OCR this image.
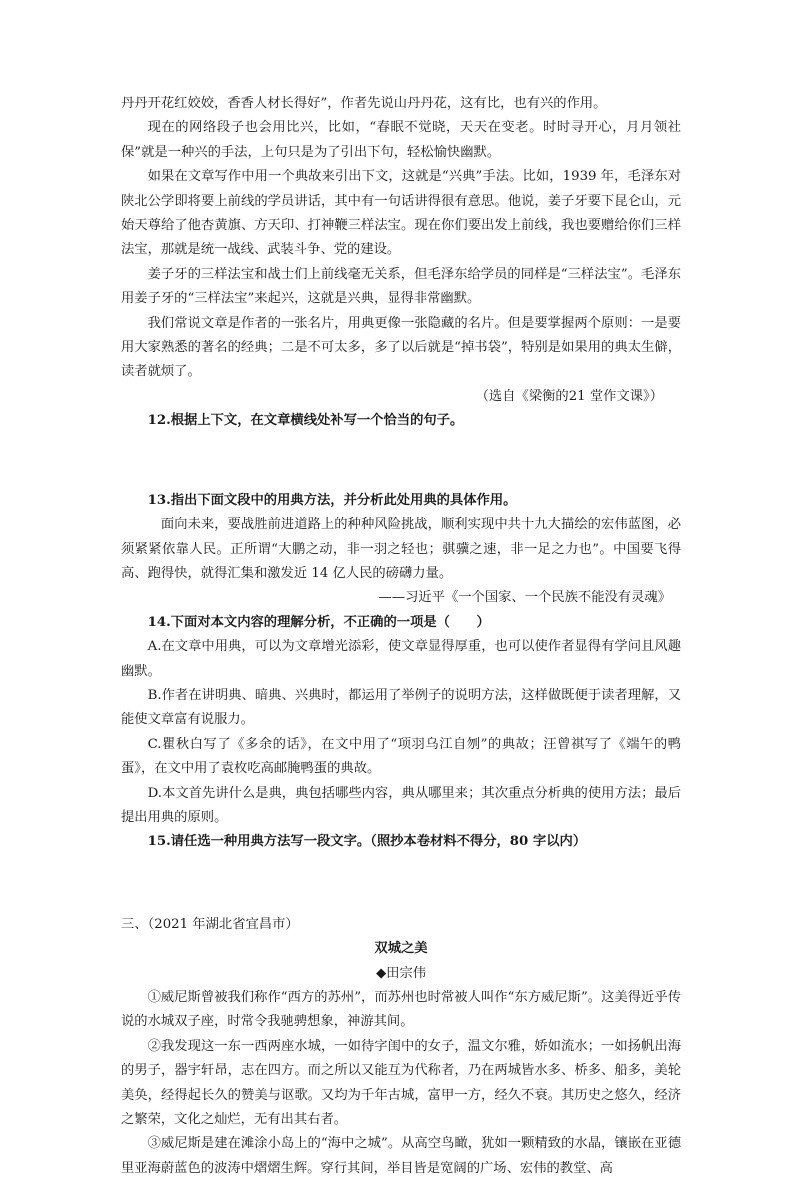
丹丹开花红姣姣，香香人材长得好”，作者先说山丹丹花，这有比，也有兴的作用。

现在的网络段子也会用比兴，比如，“春眠不觉晓，天天在变老。时时寻开心，月月领社保”就是一种兴的手法，上句只是为了引出下句，轻松愉快幽默。

如果在文章写作中用一个典故来引出下文，这就是“兴典”手法。比如，1939 年，毛泽东对陕北公学即将要上前线的学员讲话，其中有一句话讲得很有意思。他说，姜子牙要下昆仑山，元始天尊给了他杏黄旗、方天印、打神鞭三样法宝。现在你们要出发上前线，我也要赠给你们三样法宝，那就是统一战线、武装斗争、党的建设。

姜子牙的三样法宝和战士们上前线毫无关系，但毛泽东给学员的同样是“三样法宝”。毛泽东用姜子牙的“三样法宝”来起兴，这就是兴典，显得非常幽默。

我们常说文章是作者的一张名片，用典更像一张隐藏的名片。但是要掌握两个原则：一是要用大家熟悉的著名的经典；二是不可太多，多了以后就是“掉书袋”，特别是如果用的典太生僻，读者就烦了。

（选自《梁衡的21 堂作文课》）

12.根据上下文，在文章横线处补写一个恰当的句子。

13.指出下面文段中的用典方法，并分析此处用典的具体作用。

面向未来，要战胜前进道路上的种种风险挑战，顺利实现中共十九大描绘的宏伟蓝图，必须紧紧依靠人民。正所谓“大鹏之动，非一羽之轻也；骐骥之速，非一足之力也”。中国要飞得高、跑得快，就得汇集和激发近 14 亿人民的磅礴力量。

——习近平《一个国家、一个民族不能没有灵魂》

14.下面对本文内容的理解分析，不正确的一项是（　　）

A.在文章中用典，可以为文章增光添彩，使文章显得厚重，也可以使作者显得有学问且风趣幽默。

B.作者在讲明典、暗典、兴典时，都运用了举例子的说明方法，这样做既便于读者理解，又能使文章富有说服力。

C.瞿秋白写了《多余的话》，在文中用了“项羽乌江自刎”的典故；汪曾祺写了《端午的鸭蛋》，在文中用了袁枚吃高邮腌鸭蛋的典故。

D.本文首先讲什么是典，典包括哪些内容，典从哪里来；其次重点分析典的使用方法；最后提出用典的原则。

15.请任选一种用典方法写一段文字。（照抄本卷材料不得分，80 字以内）

三、（2021 年湖北省宜昌市）

双城之美

◆田宗伟

①威尼斯曾被我们称作“西方的苏州”，而苏州也时常被人叫作“东方威尼斯”。这美得近乎传说的水城双子座，时常令我驰骋想象，神游其间。

②我发现这一东一西两座水城，一如待字闺中的女子，温文尔雅，娇如流水；一如扬帆出海的男子，器宇轩昂，志在四方。而之所以又能互为代称者，乃在两城皆水多、桥多、船多，美轮美奂，经得起长久的赞美与讴歌。又均为千年古城，富甲一方，经久不衰。其历史之悠久，经济之繁荣，文化之灿烂，无有出其右者。

③威尼斯是建在滩涂小岛上的“海中之城”。从高空鸟瞰，犹如一颗精致的水晶，镶嵌在亚德里亚海蔚蓝色的波涛中熠熠生辉。穿行其间，举目皆是宽阔的广场、宏伟的教堂、高
